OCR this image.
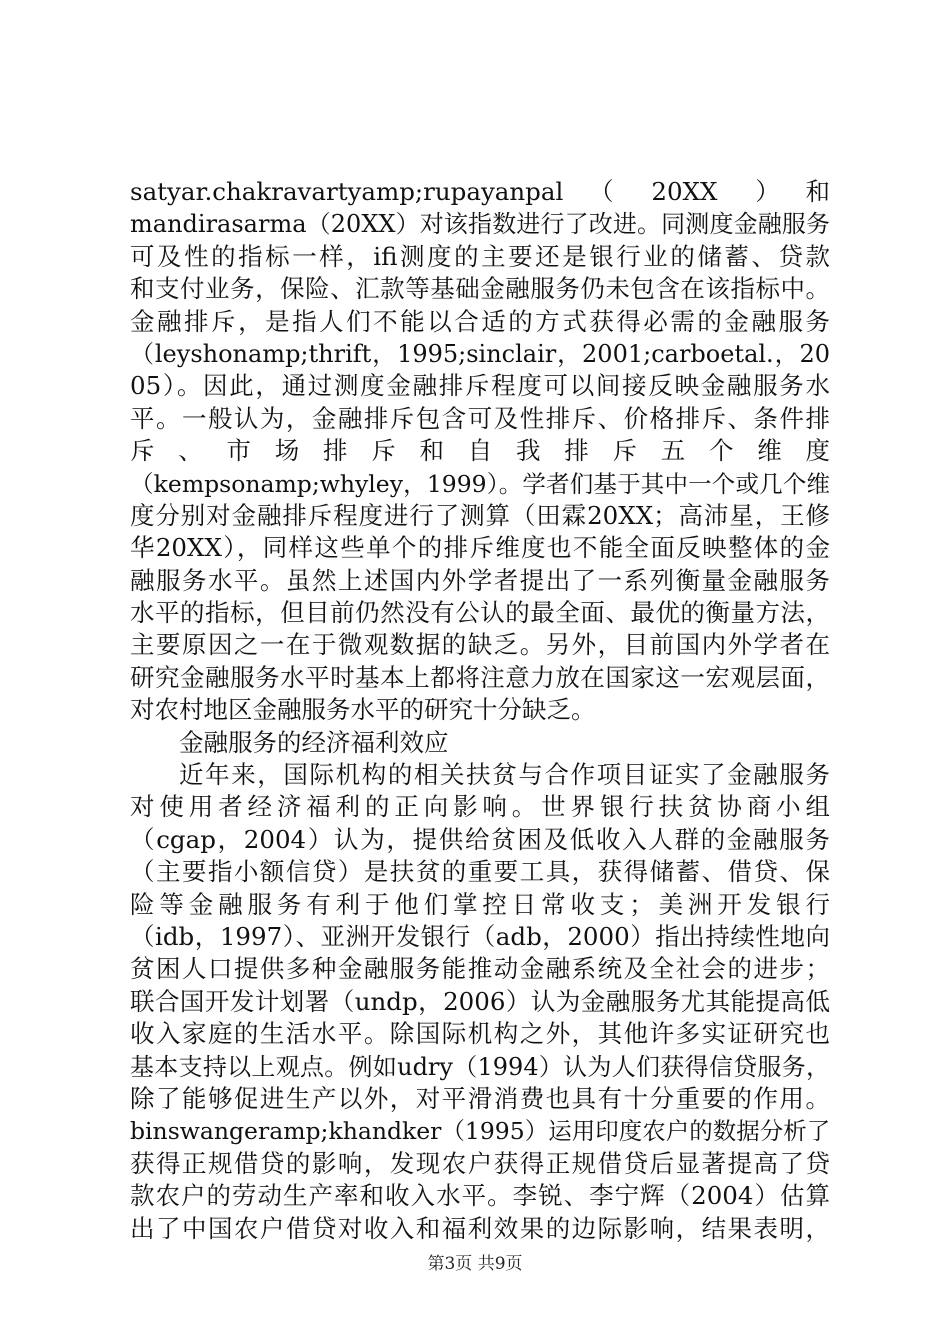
satyar.chakravartyamp;rupayanpal　（　20XX　）　和
mandirasarma（20XX）对该指数进行了改进。同测度金融服务
可及性的指标一样，ifi测度的主要还是银行业的储蓄、贷款
和支付业务，保险、汇款等基础金融服务仍未包含在该指标中。
金融排斥，是指人们不能以合适的方式获得必需的金融服务
（leyshonamp;thrift，1995;sinclair，2001;carboetal.，20
05）。因此，通过测度金融排斥程度可以间接反映金融服务水
平。一般认为，金融排斥包含可及性排斥、价格排斥、条件排
斥、市场排斥和自我排斥五个维度
（kempsonamp;whyley，1999）。学者们基于其中一个或几个维
度分别对金融排斥程度进行了测算（田霖20XX；高沛星，王修
华20XX），同样这些单个的排斥维度也不能全面反映整体的金
融服务水平。虽然上述国内外学者提出了一系列衡量金融服务
水平的指标，但目前仍然没有公认的最全面、最优的衡量方法，
主要原因之一在于微观数据的缺乏。另外，目前国内外学者在
研究金融服务水平时基本上都将注意力放在国家这一宏观层面，
对农村地区金融服务水平的研究十分缺乏。
金融服务的经济福利效应
近年来，国际机构的相关扶贫与合作项目证实了金融服务
对使用者经济福利的正向影响。世界银行扶贫协商小组
（cgap，2004）认为，提供给贫困及低收入人群的金融服务
（主要指小额信贷）是扶贫的重要工具，获得储蓄、借贷、保
险等金融服务有利于他们掌控日常收支；美洲开发银行
（idb，1997）、亚洲开发银行（adb，2000）指出持续性地向
贫困人口提供多种金融服务能推动金融系统及全社会的进步；
联合国开发计划署（undp，2006）认为金融服务尤其能提高低
收入家庭的生活水平。除国际机构之外，其他许多实证研究也
基本支持以上观点。例如udry（1994）认为人们获得信贷服务，
除了能够促进生产以外，对平滑消费也具有十分重要的作用。
binswangeramp;khandker（1995）运用印度农户的数据分析了
获得正规借贷的影响，发现农户获得正规借贷后显著提高了贷
款农户的劳动生产率和收入水平。李锐、李宁辉（2004）估算
出了中国农户借贷对收入和福利效果的边际影响，结果表明，
第3页 共9页
